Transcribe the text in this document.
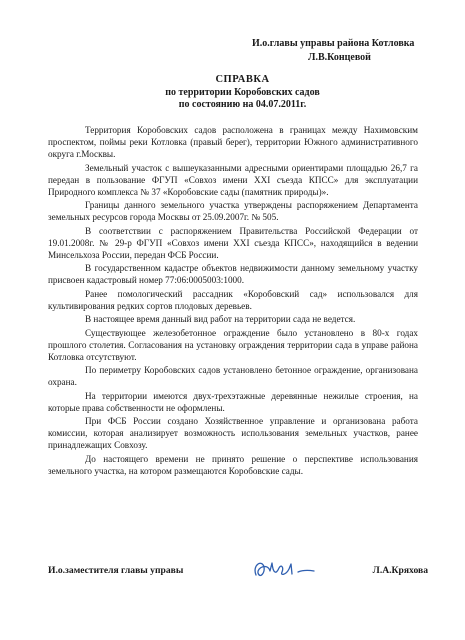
И.о.главы управы района Котловка
Л.В.Концевой
СПРАВКА
по территории Коробовских садов
по состоянию на 04.07.2011г.

Территория Коробовских садов расположена в границах между Нахимовским проспектом, поймы реки Котловка (правый берег), территории Южного административного округа г.Москвы.

Земельный участок с вышеуказанными адресными ориентирами площадью 26,7 га передан в пользование ФГУП «Совхоз имени XXI съезда КПСС» для эксплуатации Природного комплекса № 37 «Коробовские сады (памятник природы)».

Границы данного земельного участка утверждены распоряжением Департамента земельных ресурсов города Москвы от 25.09.2007г. № 505.

В соответствии с распоряжением Правительства Российской Федерации от 19.01.2008г. № 29-р ФГУП «Совхоз имени XXI съезда КПСС», находящийся в ведении Минсельхоза России, передан ФСБ России.

В государственном кадастре объектов недвижимости данному земельному участку присвоен кадастровый номер 77:06:0005003:1000.

Ранее помологический рассадник «Коробовский сад» использовался для культивирования редких сортов плодовых деревьев.

В настоящее время данный вид работ на территории сада не ведется.

Существующее железобетонное ограждение было установлено в 80-х годах прошлого столетия. Согласования на установку ограждения территории сада в управе района Котловка отсутствуют.

По периметру Коробовских садов установлено бетонное ограждение, организована охрана.

На территории имеются двух-трехэтажные деревянные нежилые строения, на которые права собственности не оформлены.

При ФСБ России создано Хозяйственное управление и организована работа комиссии, которая анализирует возможность использования земельных участков, ранее принадлежащих Совхозу.

До настоящего времени не принято решение о перспективе использования земельного участка, на котором размещаются Коробовские сады.

И.о.заместителя главы управы	Л.А.Кряхова
